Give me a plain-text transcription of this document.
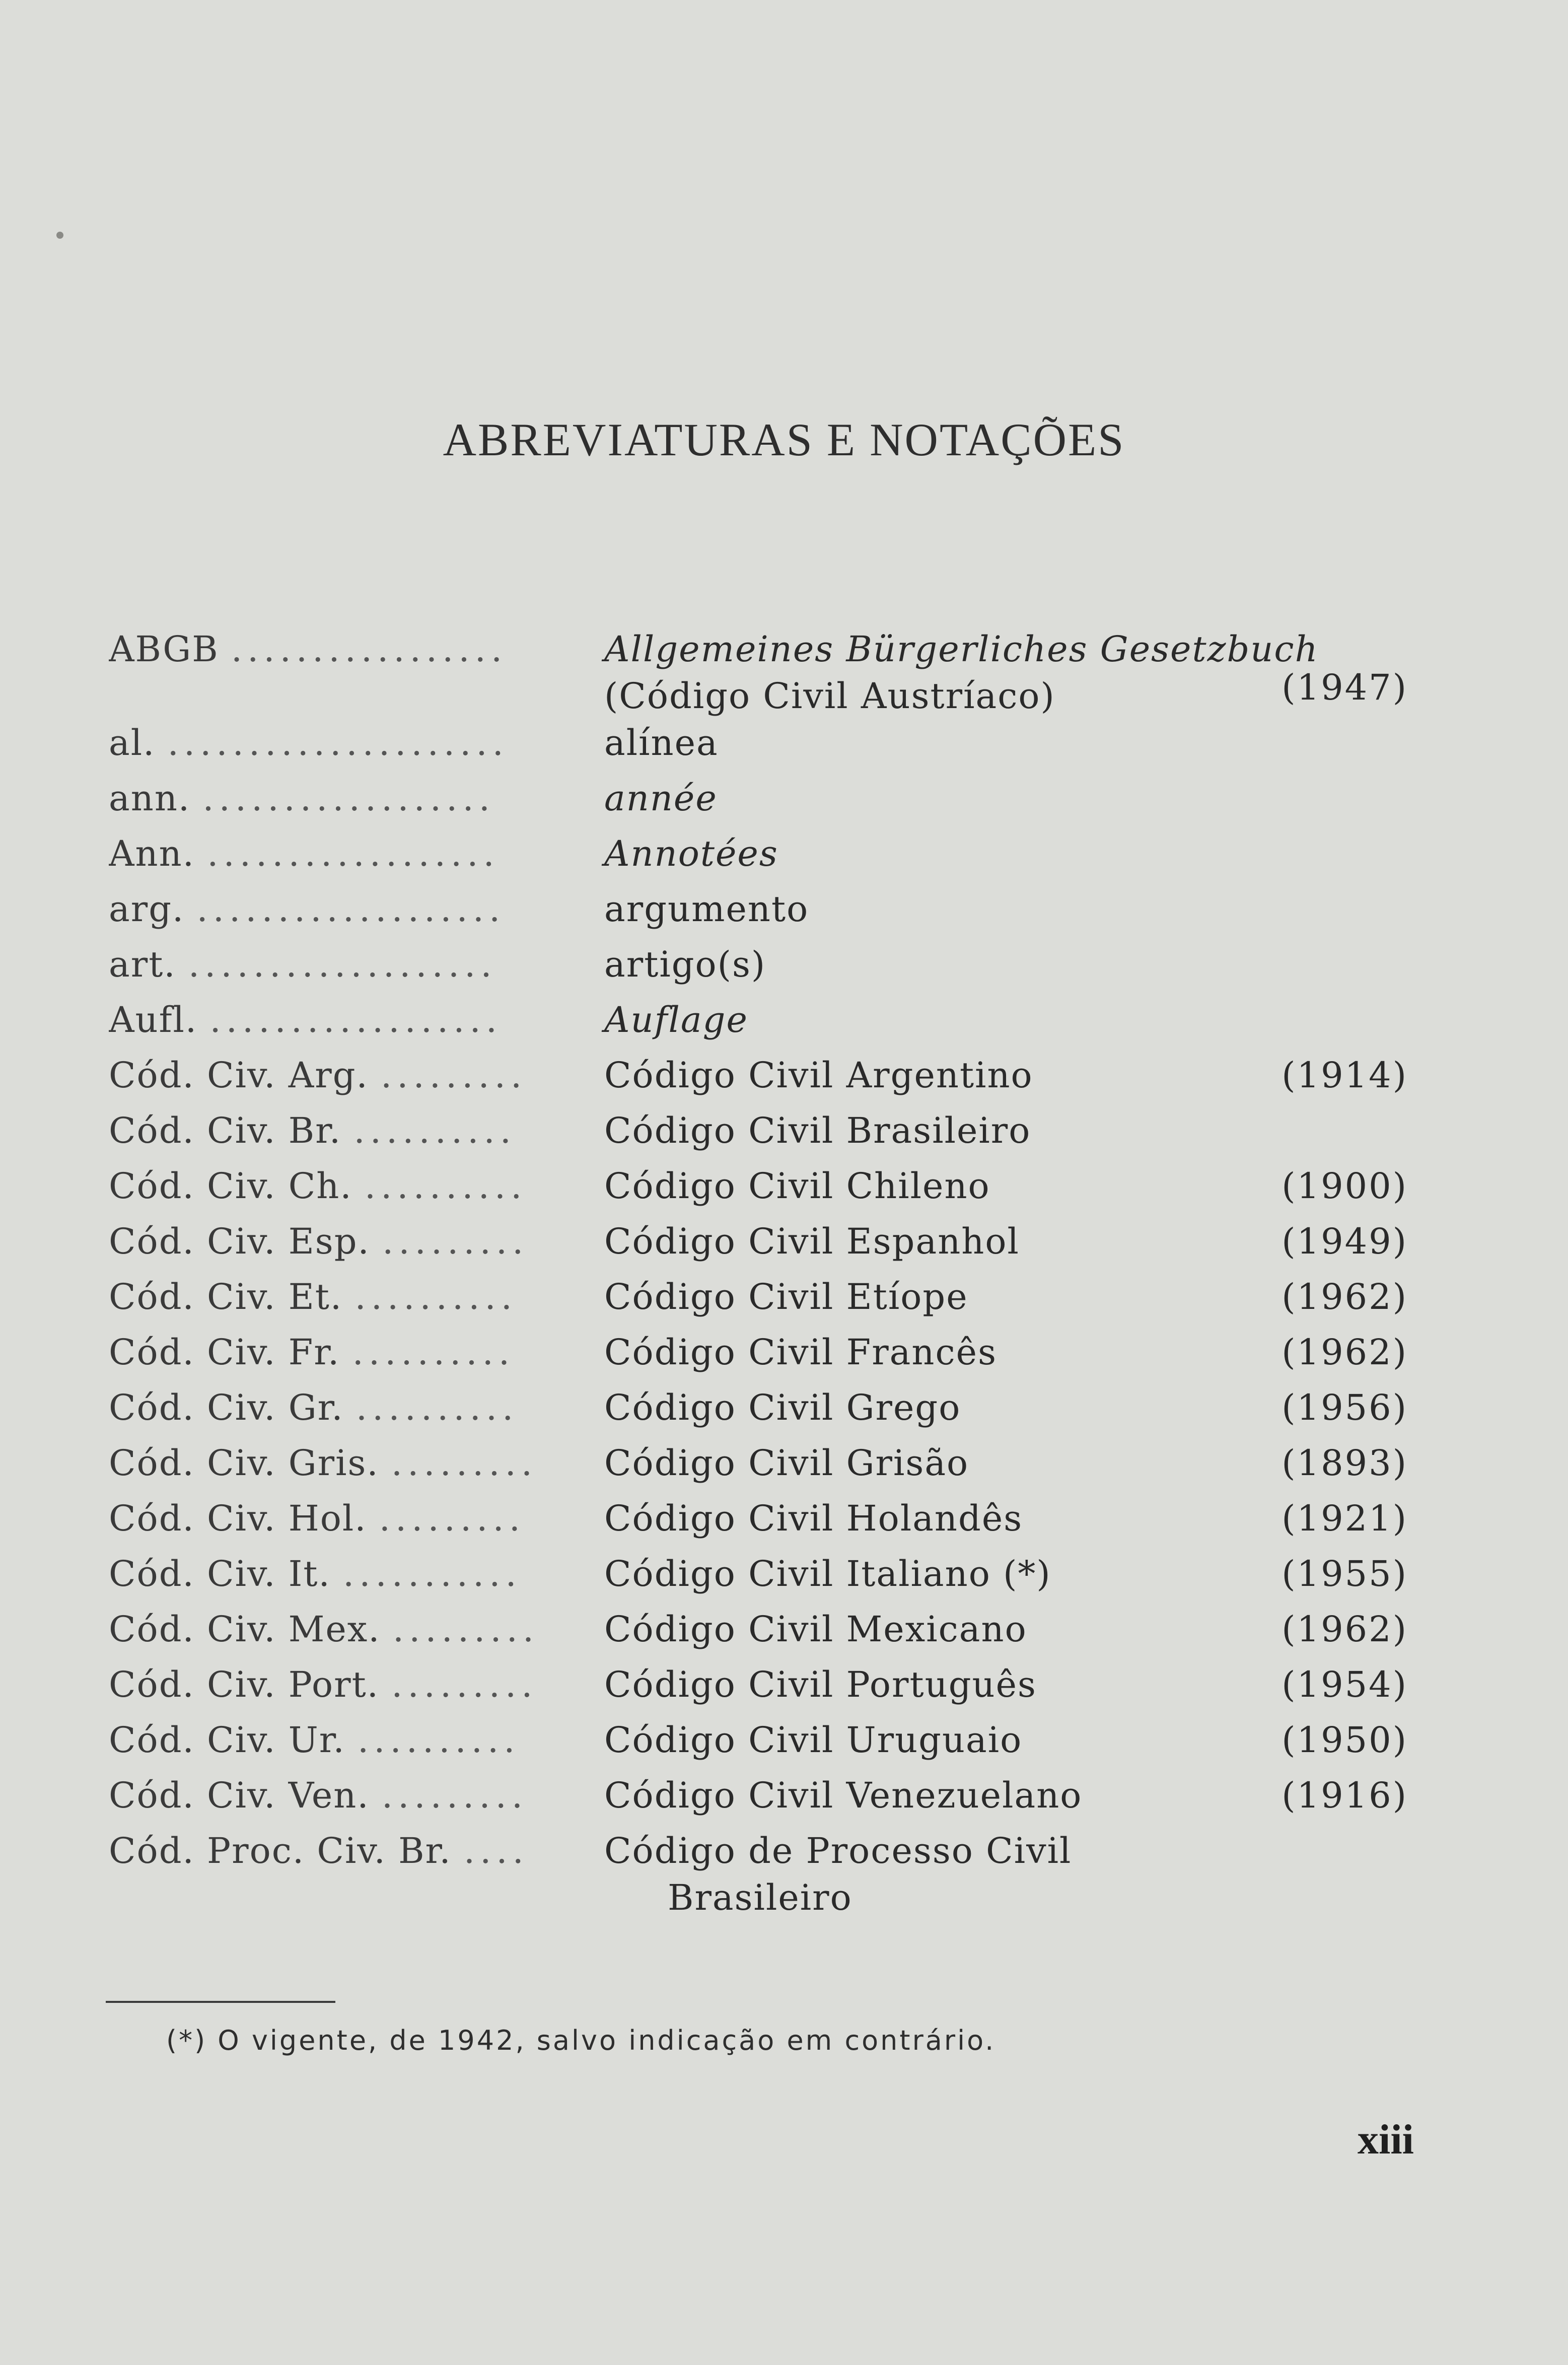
ABREVIATURAS E NOTAÇÕES
ABGB .................	Allgemeines Bürgerliches Gesetzbuch
(Código Civil Austríaco)	(1947)
al. .....................	alínea
ann. ..................	année
Ann. ..................	Annotées
arg. ...................	argumento
art. ...................	artigo(s)
Aufl. ..................	Auflage
Cód. Civ. Arg. .........	Código Civil Argentino	(1914)
Cód. Civ. Br. ..........	Código Civil Brasileiro
Cód. Civ. Ch. ..........	Código Civil Chileno	(1900)
Cód. Civ. Esp. .........	Código Civil Espanhol	(1949)
Cód. Civ. Et. ..........	Código Civil Etíope	(1962)
Cód. Civ. Fr. ..........	Código Civil Francês	(1962)
Cód. Civ. Gr. ..........	Código Civil Grego	(1956)
Cód. Civ. Gris. ......... Código Civil Grisão	(1893)
Cód. Civ. Hol. .........	Código Civil Holandês	(1921)
Cód. Civ. It. ...........	Código Civil Italiano (*)	(1955)
Cód. Civ. Mex. ......... Código Civil Mexicano	(1962)
Cód. Civ. Port. ......... Código Civil Português	(1954)
Cód. Civ. Ur. ..........	Código Civil Uruguaio	(1950)
Cód. Civ. Ven. .........	Código Civil Venezuelano	(1916)
Cód. Proc. Civ. Br. ....	Código de Processo Civil
Brasileiro
(*) O vigente, de 1942, salvo indicação em contrário.
xiii
